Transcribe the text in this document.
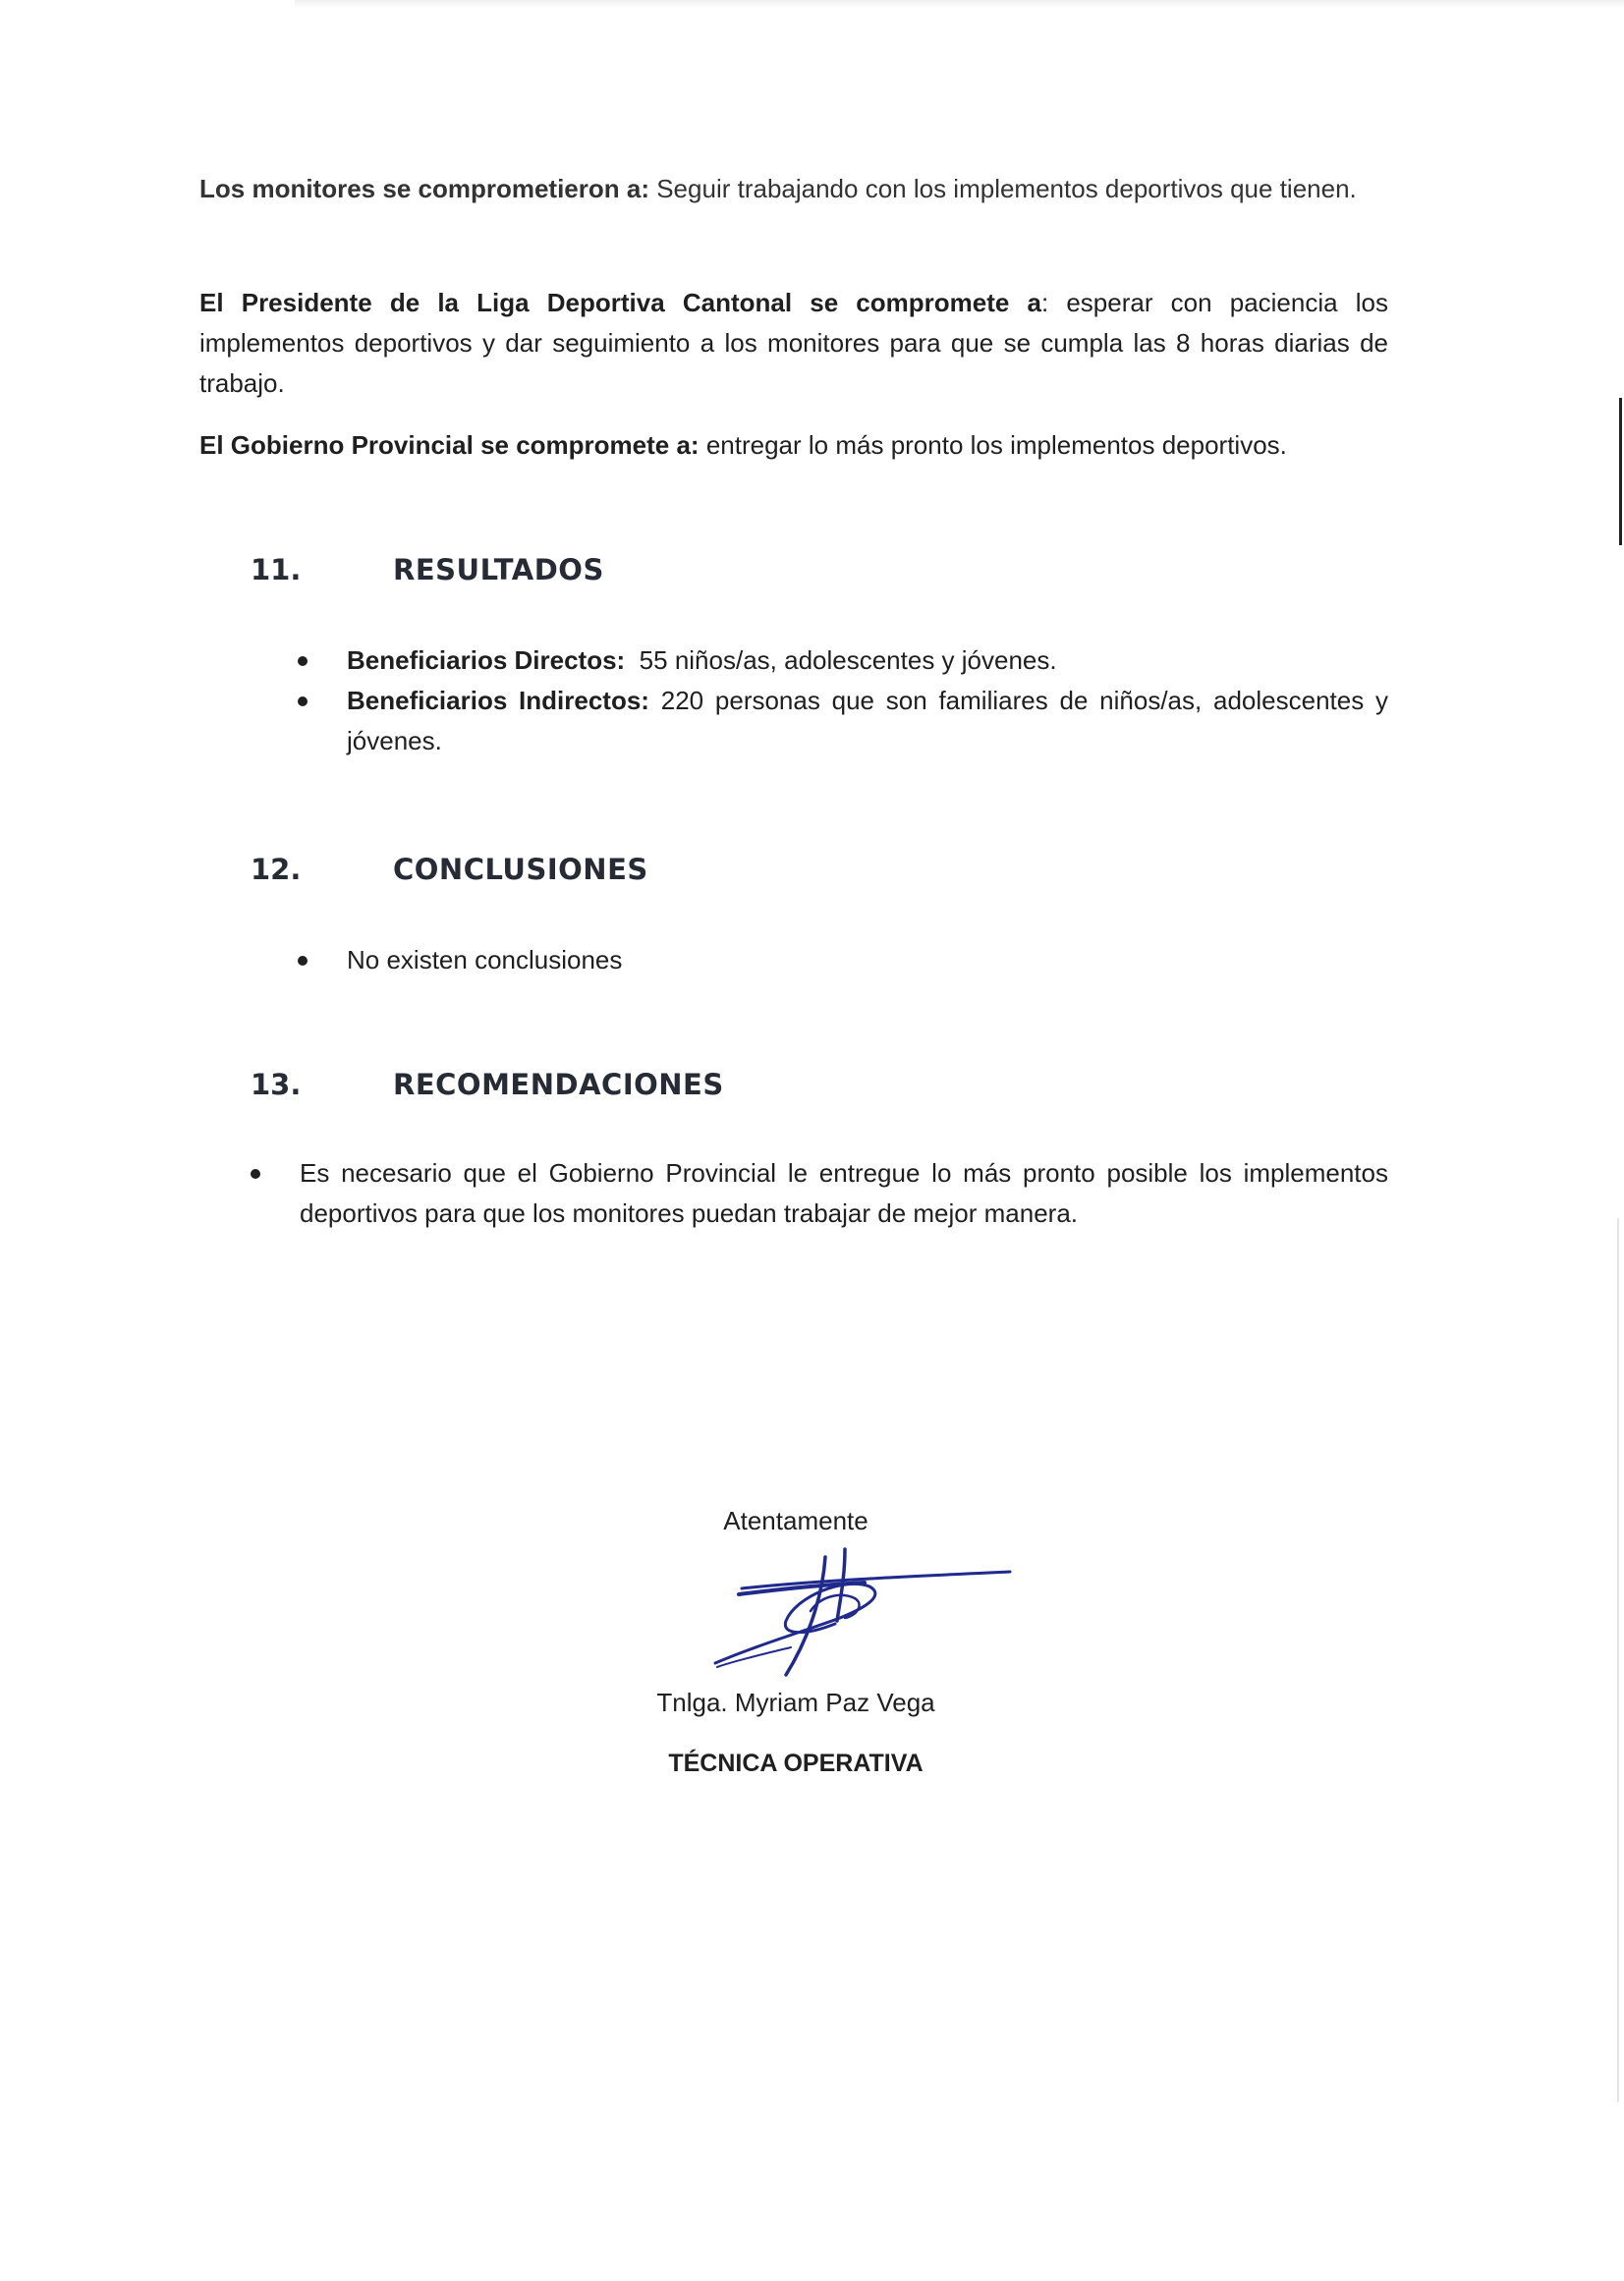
Los monitores se comprometieron a: Seguir trabajando con los implementos deportivos que tienen.

El Presidente de la Liga Deportiva Cantonal se compromete a: esperar con paciencia los implementos deportivos y dar seguimiento a los monitores para que se cumpla las 8 horas diarias de trabajo.

El Gobierno Provincial se compromete a: entregar lo más pronto los implementos deportivos.

11.	RESULTADOS
Beneficiarios Directos: 55 niños/as, adolescentes y jóvenes.
Beneficiarios Indirectos: 220 personas que son familiares de niños/as, adolescentes y jóvenes.
12.	CONCLUSIONES
No existen conclusiones
13.	RECOMENDACIONES
Es necesario que el Gobierno Provincial le entregue lo más pronto posible los implementos deportivos para que los monitores puedan trabajar de mejor manera.
Atentamente
Tnlga. Myriam Paz Vega
TÉCNICA OPERATIVA
